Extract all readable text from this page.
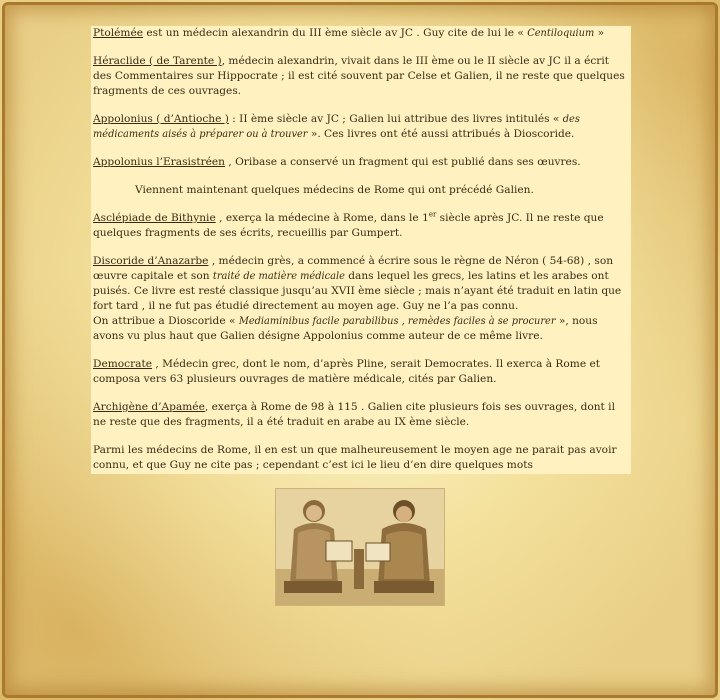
Ptolémée est un médecin alexandrin du III ème siècle av JC . Guy cite de lui le « Centiloquium »

Héraclide ( de Tarente ), médecin alexandrin, vivait dans le III ème ou le II siècle av JC il a écrit des Commentaires sur Hippocrate ; il est cité souvent par Celse et Galien, il ne reste que quelques fragments de ces ouvrages.

Appolonius ( d’Antioche ) : II ème siècle av JC ; Galien lui attribue des livres intitulés « des médicaments aisés à préparer ou à trouver ». Ces livres ont été aussi attribués à Dioscoride.

Appolonius l’Erasistréen , Oribase a conservé un fragment qui est publié dans ses œuvres.

Viennent maintenant quelques médecins de Rome qui ont précédé Galien.

Asclépiade de Bithynie , exerça la médecine à Rome, dans le 1er siècle après JC. Il ne reste que quelques fragments de ses écrits, recueillis par Gumpert.

Discoride d’Anazarbe , médecin grès, a commencé à écrire sous le règne de Néron ( 54-68) , son œuvre capitale et son traité de matière médicale dans lequel les grecs, les latins et les arabes ont puisés. Ce livre est resté classique jusqu’au XVII ème siècle ; mais n’ayant été traduit en latin que fort tard , il ne fut pas étudié directement au moyen age. Guy ne l’a pas connu.
On attribue a Dioscoride « Mediaminibus facile parabilibus , remèdes faciles à se procurer », nous avons vu plus haut que Galien désigne Appolonius comme auteur de ce même livre.

Democrate , Médecin grec, dont le nom, d’après Pline, serait Democrates. Il exerca à Rome et composa vers 63 plusieurs ouvrages de matière médicale, cités par Galien.

Archigène d’Apamée, exerça à Rome de 98 à 115 . Galien cite plusieurs fois ses ouvrages, dont il ne reste que des fragments, il a été traduit en arabe au IX ème siècle.

Parmi les médecins de Rome, il en est un que malheureusement le moyen age ne parait pas avoir connu, et que Guy ne cite pas ; cependant c’est ici le lieu d’en dire quelques mots
